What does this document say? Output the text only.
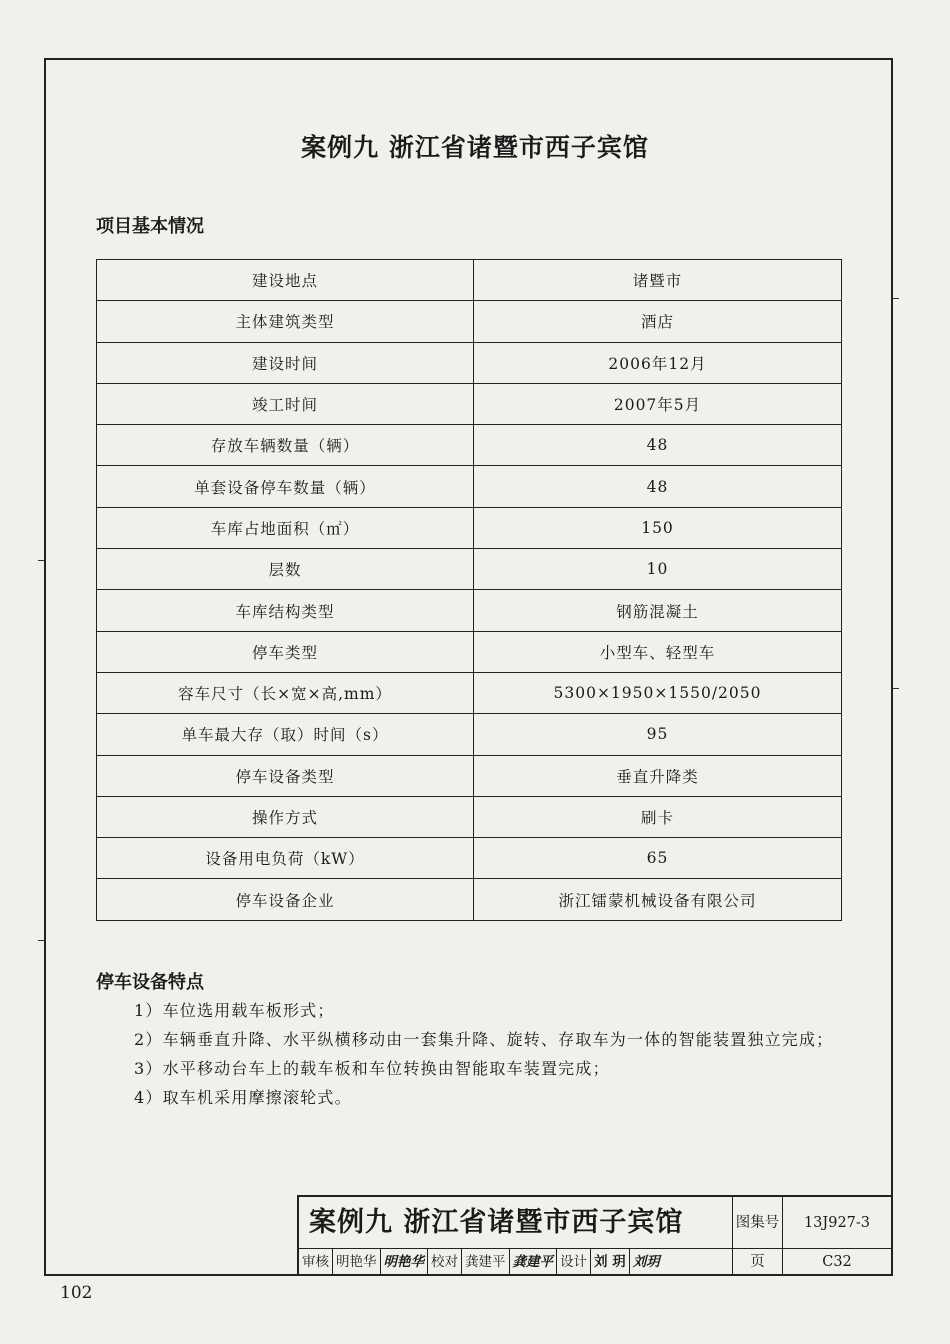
案例九 浙江省诸暨市西子宾馆
项目基本情况
建设地点	诸暨市
主体建筑类型	酒店
建设时间	2006年12月
竣工时间	2007年5月
存放车辆数量（辆）	48
单套设备停车数量（辆）	48
车库占地面积（㎡）	150
层数	10
车库结构类型	钢筋混凝土
停车类型	小型车、轻型车
容车尺寸（长×宽×高,mm）	5300×1950×1550/2050
单车最大存（取）时间（s）	95
停车设备类型	垂直升降类
操作方式	刷卡
设备用电负荷（kW）	65
停车设备企业	浙江镭蒙机械设备有限公司
停车设备特点
1）车位选用载车板形式；
2）车辆垂直升降、水平纵横移动由一套集升降、旋转、存取车为一体的智能装置独立完成；
3）水平移动台车上的载车板和车位转换由智能取车装置完成；
4）取车机采用摩擦滚轮式。
案例九 浙江省诸暨市西子宾馆	图集号	13J927-3
审核 明艳华 明艳华 校对 龚建平 龚建平 设计 刘 玥 刘玥	页	C32
102
